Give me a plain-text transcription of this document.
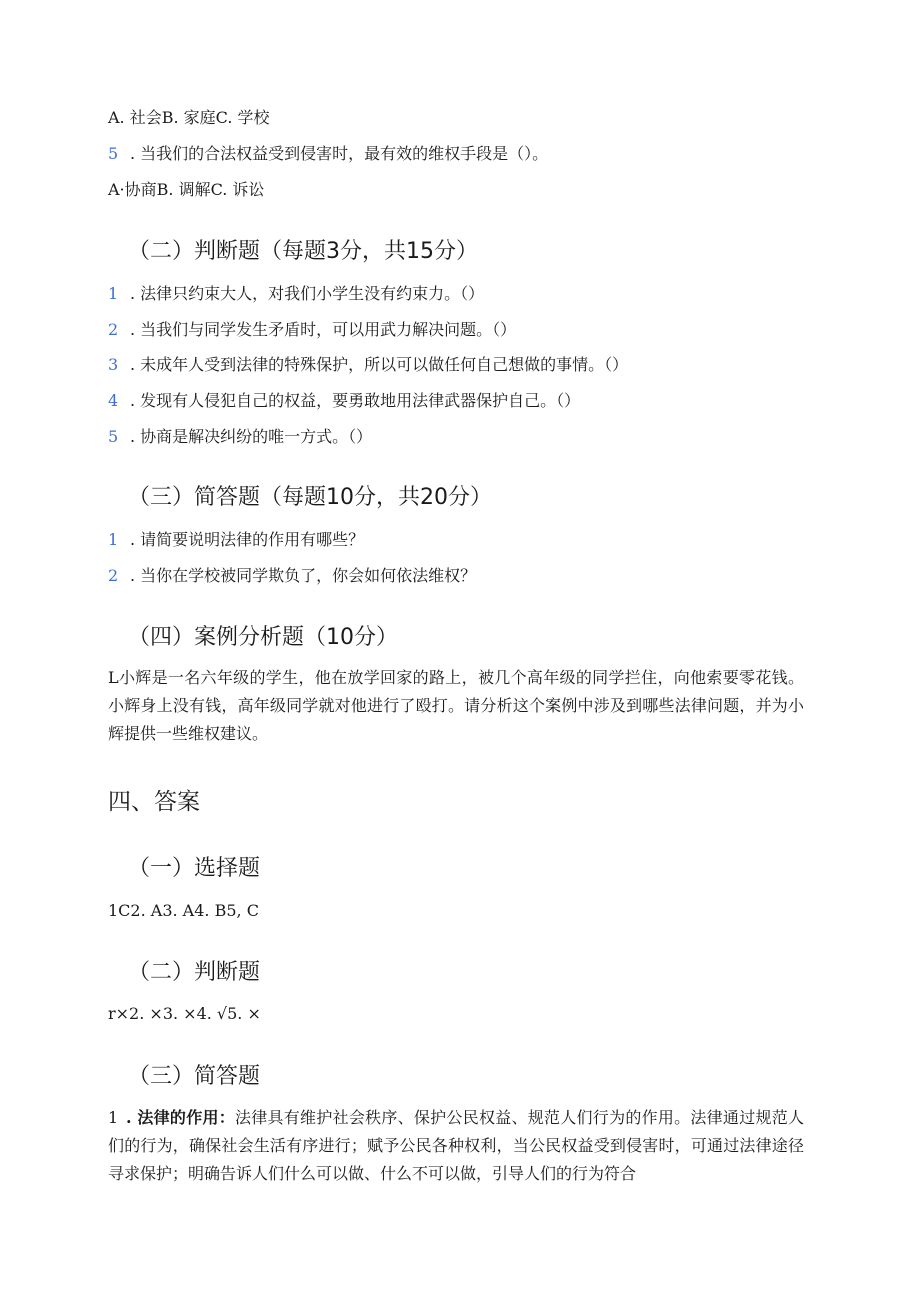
A. 社会B. 家庭C. 学校
5 . 当我们的合法权益受到侵害时，最有效的维权手段是（）。
A·协商B. 调解C. 诉讼
（二）判断题（每题3分，共15分）
1 . 法律只约束大人，对我们小学生没有约束力。（）
2 . 当我们与同学发生矛盾时，可以用武力解决问题。（）
3 . 未成年人受到法律的特殊保护，所以可以做任何自己想做的事情。（）
4 . 发现有人侵犯自己的权益，要勇敢地用法律武器保护自己。（）
5 . 协商是解决纠纷的唯一方式。（）
（三）简答题（每题10分，共20分）
1 . 请简要说明法律的作用有哪些？
2 . 当你在学校被同学欺负了，你会如何依法维权？
（四）案例分析题（10分）
L小辉是一名六年级的学生，他在放学回家的路上，被几个高年级的同学拦住，向他索要零花钱。小辉身上没有钱，高年级同学就对他进行了殴打。请分析这个案例中涉及到哪些法律问题，并为小辉提供一些维权建议。
四、答案
（一）选择题
1C2. A3. A4. B5, C
（二）判断题
r×2. ×3. ×4. √5. ×
（三）简答题
1 . 法律的作用：法律具有维护社会秩序、保护公民权益、规范人们行为的作用。法律通过规范人们的行为，确保社会生活有序进行；赋予公民各种权利，当公民权益受到侵害时，可通过法律途径寻求保护；明确告诉人们什么可以做、什么不可以做，引导人们的行为符合
